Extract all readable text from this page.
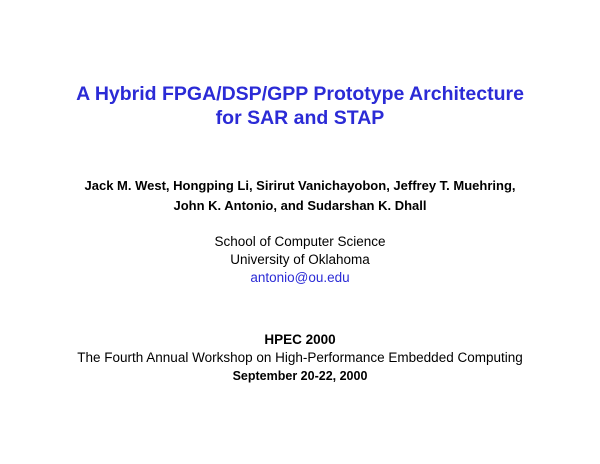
A Hybrid FPGA/DSP/GPP Prototype Architecture
for SAR and STAP
Jack M. West, Hongping Li, Sirirut Vanichayobon, Jeffrey T. Muehring,
John K. Antonio, and Sudarshan K. Dhall
School of Computer Science
University of Oklahoma
antonio@ou.edu
HPEC 2000
The Fourth Annual Workshop on High-Performance Embedded Computing
September 20-22, 2000
